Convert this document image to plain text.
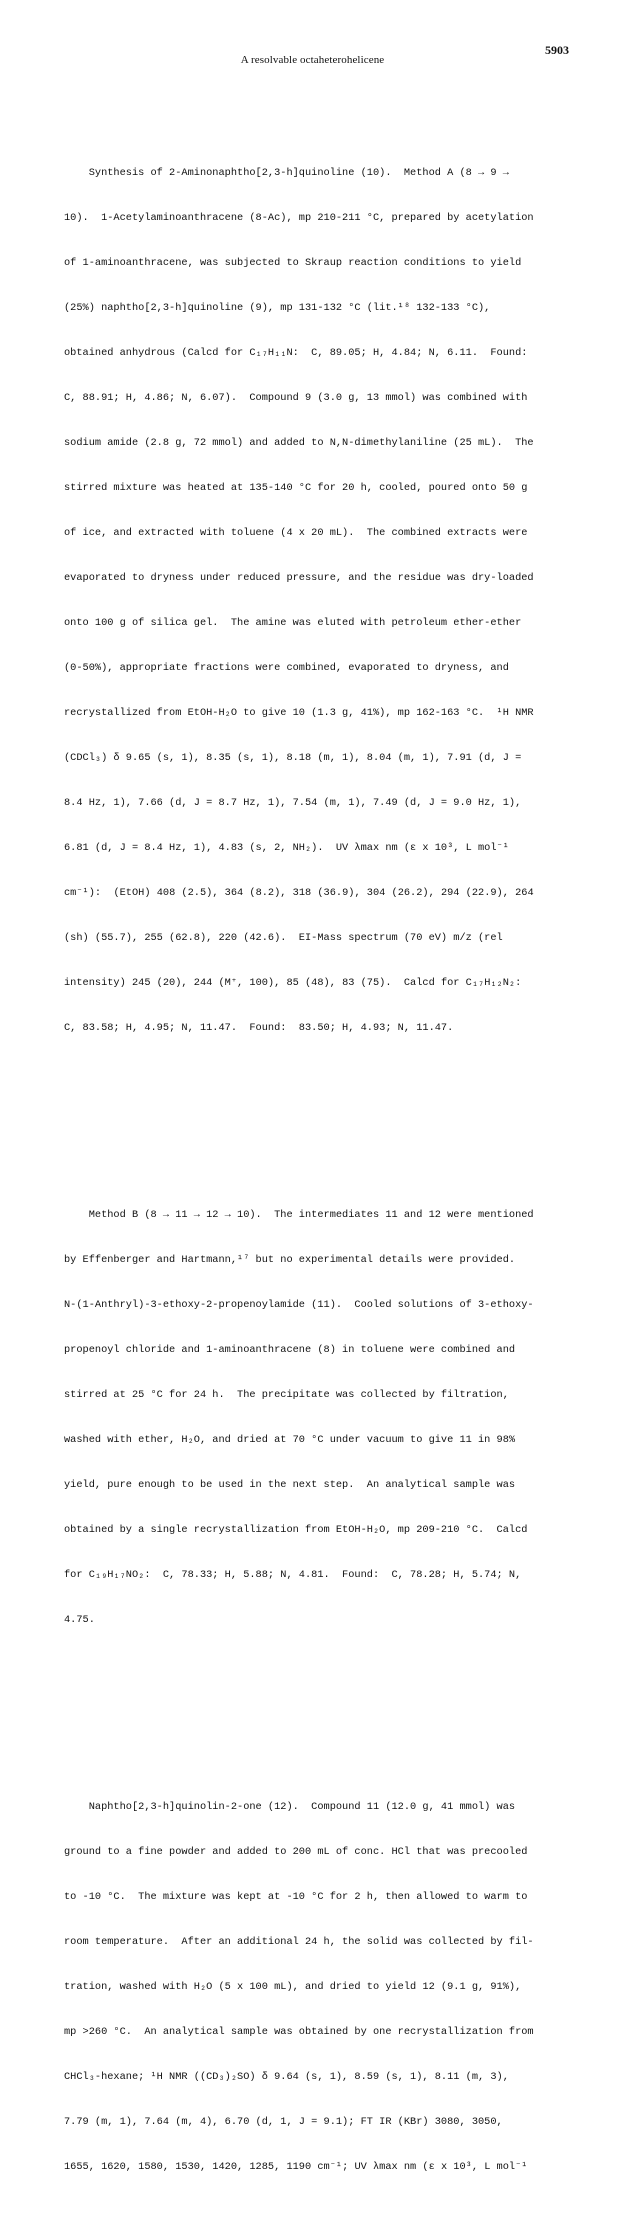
A resolvable octaheterohelicene
5903

Synthesis of 2-Aminonaphtho[2,3-h]quinoline (10).  Method A (8 → 9 →

10).  1-Acetylaminoanthracene (8-Ac), mp 210-211 °C, prepared by acetylation

of 1-aminoanthracene, was subjected to Skraup reaction conditions to yield

(25%) naphtho[2,3-h]quinoline (9), mp 131-132 °C (lit.¹⁸ 132-133 °C),

obtained anhydrous (Calcd for C₁₇H₁₁N:  C, 89.05; H, 4.84; N, 6.11.  Found:

C, 88.91; H, 4.86; N, 6.07).  Compound 9 (3.0 g, 13 mmol) was combined with

sodium amide (2.8 g, 72 mmol) and added to N,N-dimethylaniline (25 mL).  The

stirred mixture was heated at 135-140 °C for 20 h, cooled, poured onto 50 g

of ice, and extracted with toluene (4 x 20 mL).  The combined extracts were

evaporated to dryness under reduced pressure, and the residue was dry-loaded

onto 100 g of silica gel.  The amine was eluted with petroleum ether-ether

(0-50%), appropriate fractions were combined, evaporated to dryness, and

recrystallized from EtOH-H₂O to give 10 (1.3 g, 41%), mp 162-163 °C.  ¹H NMR

(CDCl₃) δ 9.65 (s, 1), 8.35 (s, 1), 8.18 (m, 1), 8.04 (m, 1), 7.91 (d, J =

8.4 Hz, 1), 7.66 (d, J = 8.7 Hz, 1), 7.54 (m, 1), 7.49 (d, J = 9.0 Hz, 1),

6.81 (d, J = 8.4 Hz, 1), 4.83 (s, 2, NH₂).  UV λmax nm (ε x 10³, L mol⁻¹

cm⁻¹):  (EtOH) 408 (2.5), 364 (8.2), 318 (36.9), 304 (26.2), 294 (22.9), 264

(sh) (55.7), 255 (62.8), 220 (42.6).  EI-Mass spectrum (70 eV) m/z (rel

intensity) 245 (20), 244 (M⁺, 100), 85 (48), 83 (75).  Calcd for C₁₇H₁₂N₂:

C, 83.58; H, 4.95; N, 11.47.  Found:  83.50; H, 4.93; N, 11.47.

Method B (8 → 11 → 12 → 10).  The intermediates 11 and 12 were mentioned

by Effenberger and Hartmann,¹⁷ but no experimental details were provided.

N-(1-Anthryl)-3-ethoxy-2-propenoylamide (11).  Cooled solutions of 3-ethoxy-

propenoyl chloride and 1-aminoanthracene (8) in toluene were combined and

stirred at 25 °C for 24 h.  The precipitate was collected by filtration,

washed with ether, H₂O, and dried at 70 °C under vacuum to give 11 in 98%

yield, pure enough to be used in the next step.  An analytical sample was

obtained by a single recrystallization from EtOH-H₂O, mp 209-210 °C.  Calcd

for C₁₉H₁₇NO₂:  C, 78.33; H, 5.88; N, 4.81.  Found:  C, 78.28; H, 5.74; N,

4.75.

Naphtho[2,3-h]quinolin-2-one (12).  Compound 11 (12.0 g, 41 mmol) was

ground to a fine powder and added to 200 mL of conc. HCl that was precooled

to -10 °C.  The mixture was kept at -10 °C for 2 h, then allowed to warm to

room temperature.  After an additional 24 h, the solid was collected by fil-

tration, washed with H₂O (5 x 100 mL), and dried to yield 12 (9.1 g, 91%),

mp >260 °C.  An analytical sample was obtained by one recrystallization from

CHCl₃-hexane; ¹H NMR ((CD₃)₂SO) δ 9.64 (s, 1), 8.59 (s, 1), 8.11 (m, 3),

7.79 (m, 1), 7.64 (m, 4), 6.70 (d, 1, J = 9.1); FT IR (KBr) 3080, 3050,

1655, 1620, 1580, 1530, 1420, 1285, 1190 cm⁻¹; UV λmax nm (ε x 10³, L mol⁻¹
